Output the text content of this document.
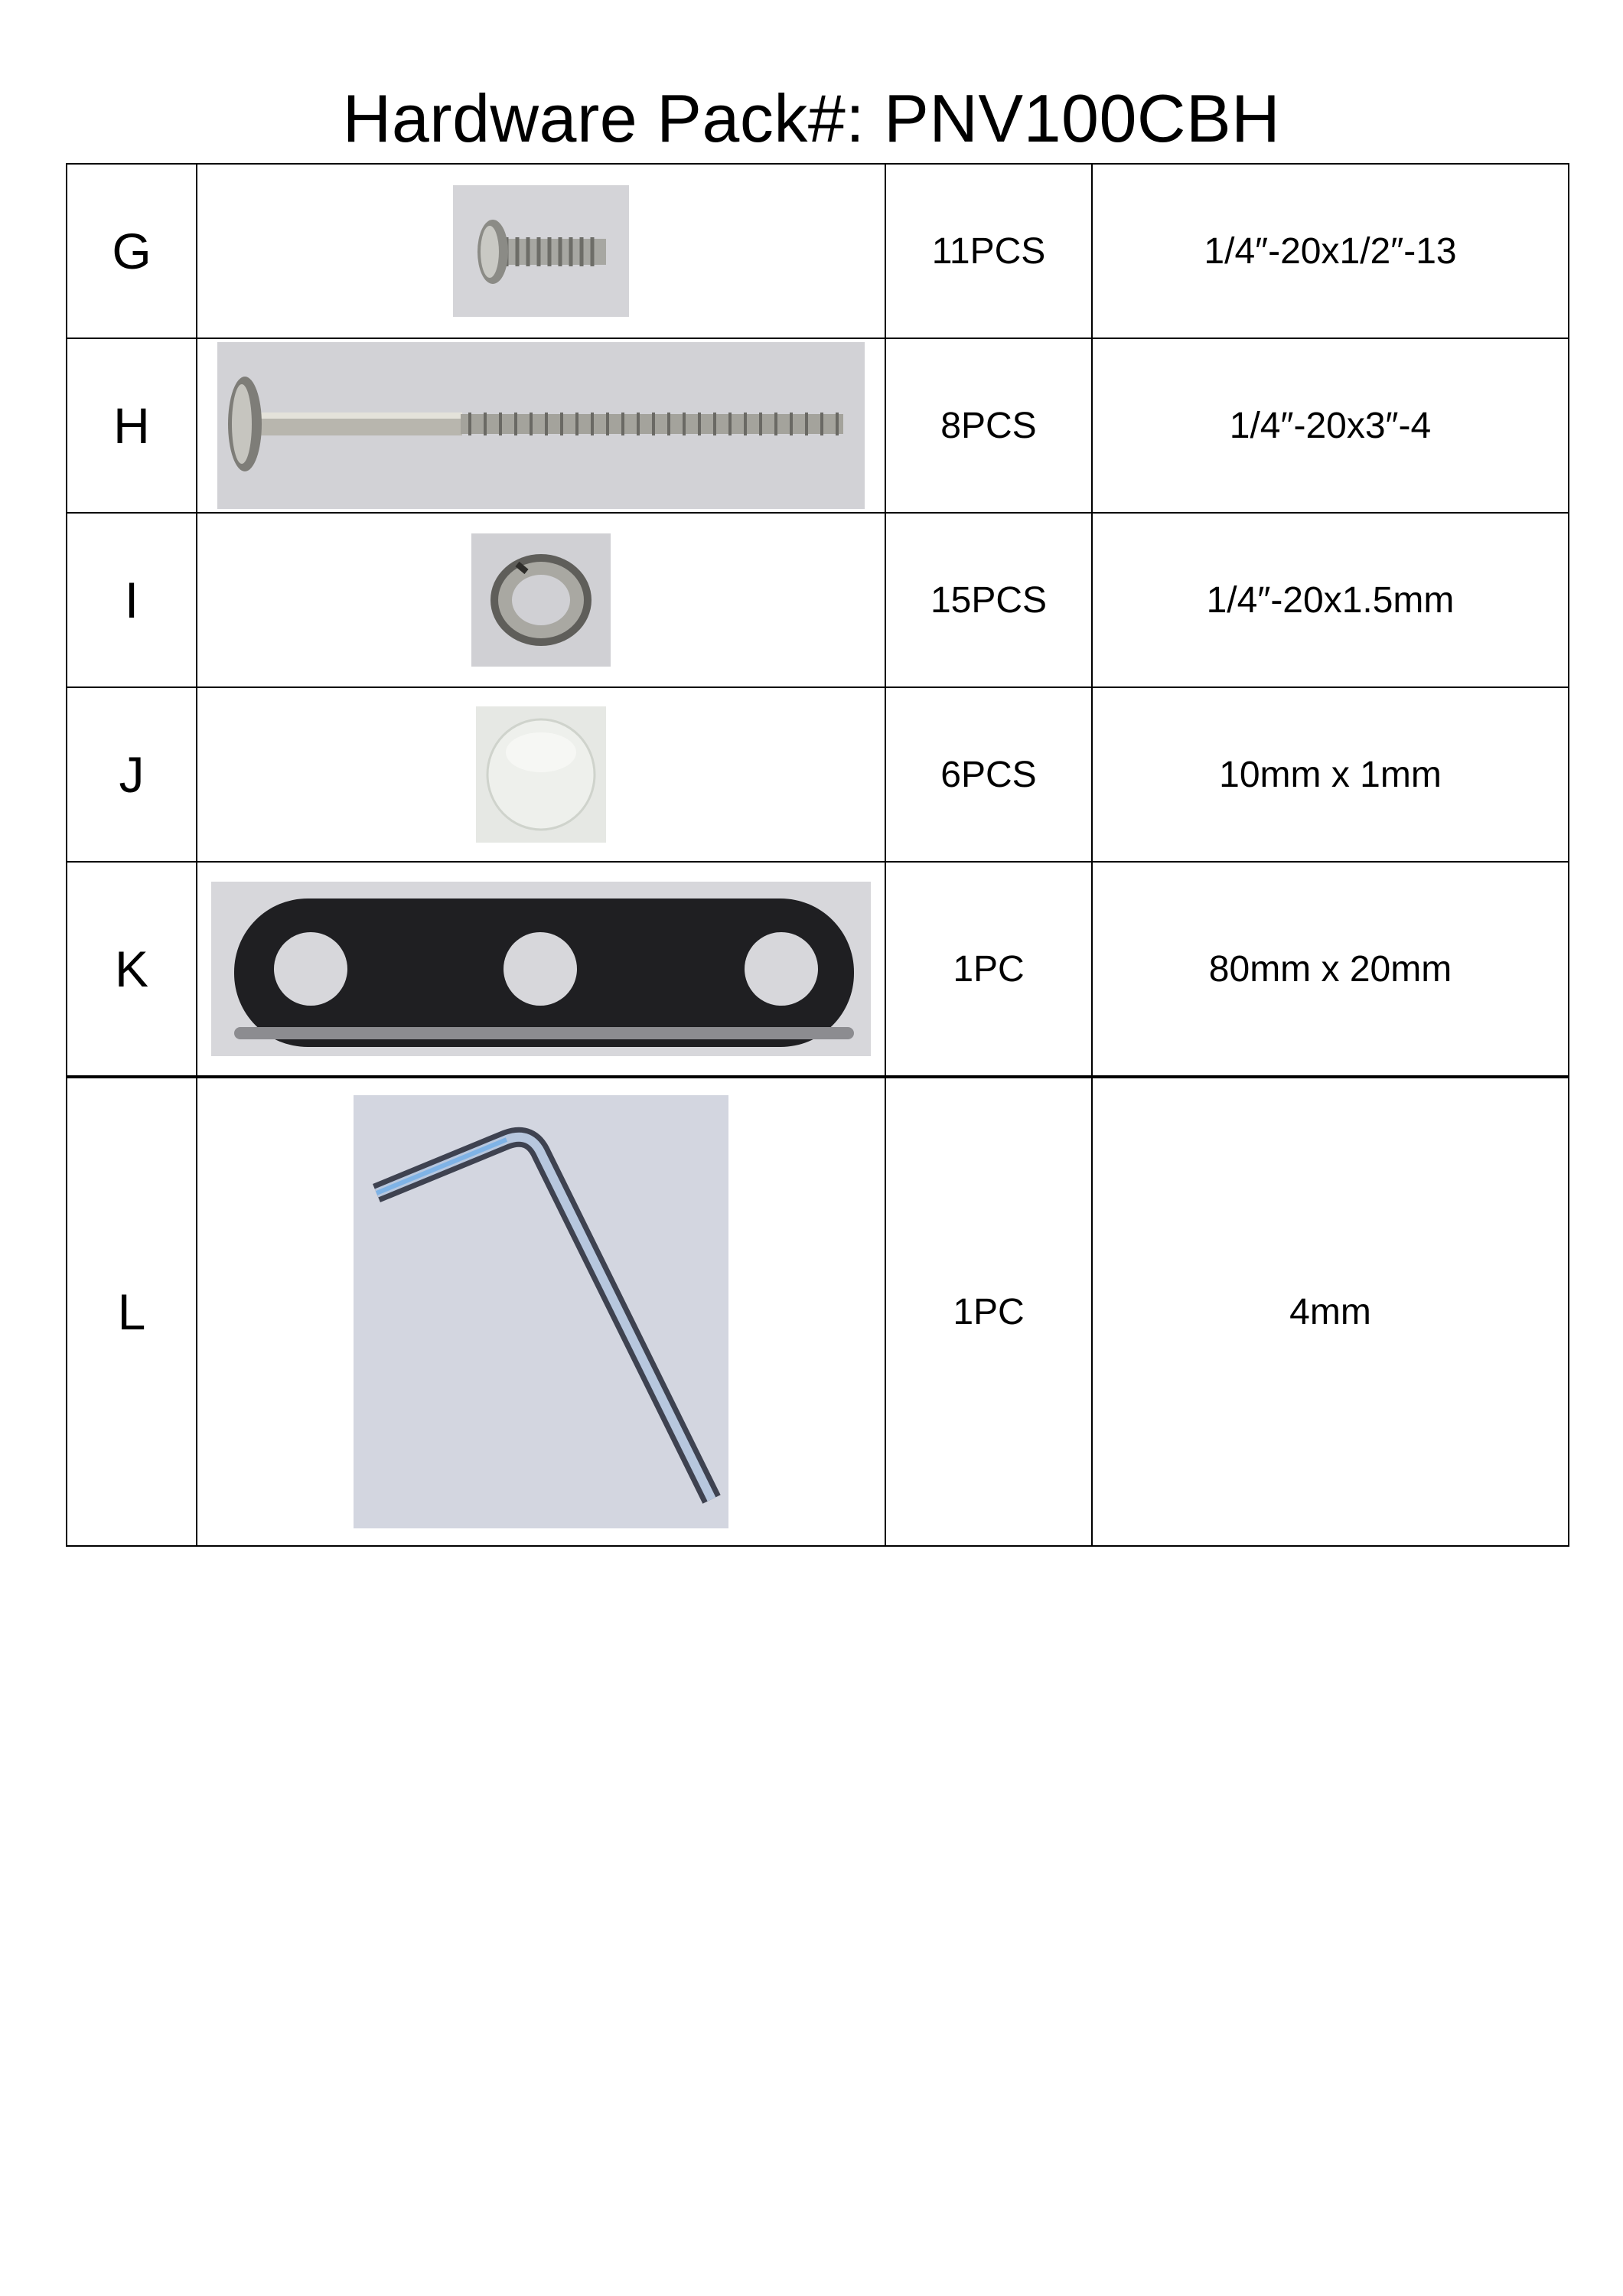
Hardware Pack#: PNV100CBH
G		11PCS	1/4″-20x1/2″-13
H		8PCS	1/4″-20x3″-4
I		15PCS	1/4″-20x1.5mm
J		6PCS	10mm x 1mm
K		1PC	80mm x 20mm
L		1PC	4mm
